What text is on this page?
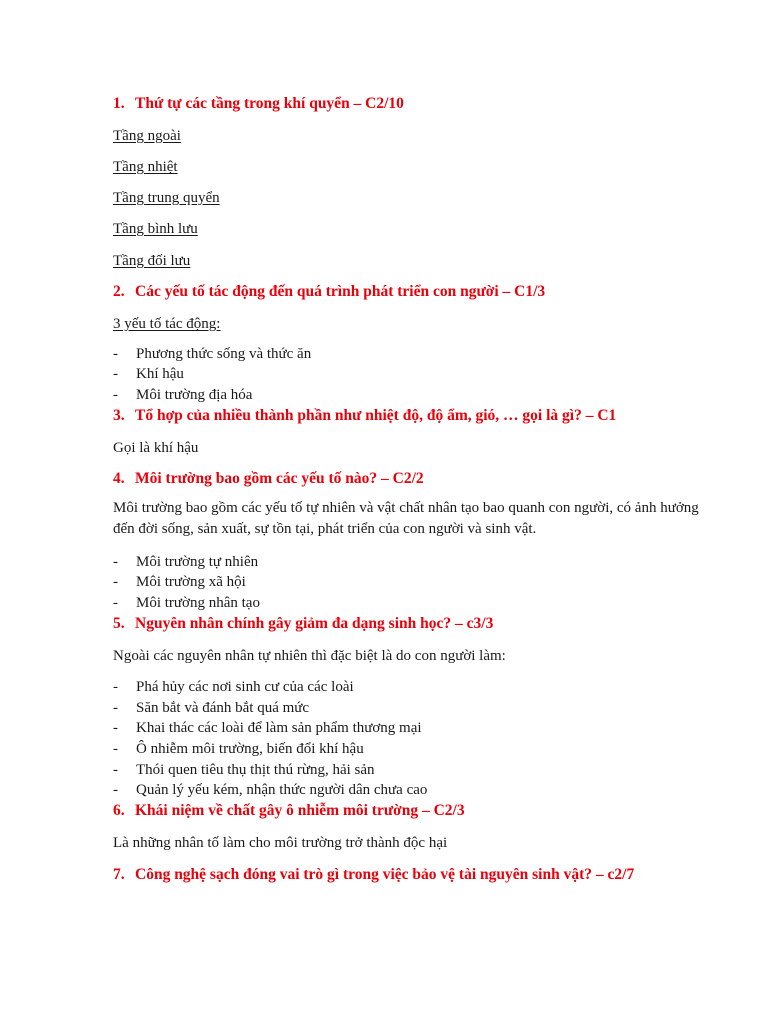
1. Thứ tự các tầng trong khí quyển – C2/10
Tầng ngoài
Tầng nhiệt
Tầng trung quyển
Tầng bình lưu
Tầng đối lưu
2. Các yếu tố tác động đến quá trình phát triển con người – C1/3
3 yếu tố tác động:
- Phương thức sống và thức ăn
- Khí hậu
- Môi trường địa hóa
3. Tổ hợp của nhiều thành phần như nhiệt độ, độ ẩm, gió, … gọi là gì? – C1
Gọi là khí hậu
4. Môi trường bao gồm các yếu tố nào? – C2/2
Môi trường bao gồm các yếu tố tự nhiên và vật chất nhân tạo bao quanh con người, có ảnh hưởng đến đời sống, sản xuất, sự tồn tại, phát triển của con người và sinh vật.
- Môi trường tự nhiên
- Môi trường xã hội
- Môi trường nhân tạo
5. Nguyên nhân chính gây giảm đa dạng sinh học? – c3/3
Ngoài các nguyên nhân tự nhiên thì đặc biệt là do con người làm:
- Phá hủy các nơi sinh cư của các loài
- Săn bắt và đánh bắt quá mức
- Khai thác các loài để làm sản phẩm thương mại
- Ô nhiễm môi trường, biến đổi khí hậu
- Thói quen tiêu thụ thịt thú rừng, hải sản
- Quản lý yếu kém, nhận thức người dân chưa cao
6. Khái niệm về chất gây ô nhiễm môi trường – C2/3
Là những nhân tố làm cho môi trường trở thành độc hại
7. Công nghệ sạch đóng vai trò gì trong việc bảo vệ tài nguyên sinh vật? – c2/7
